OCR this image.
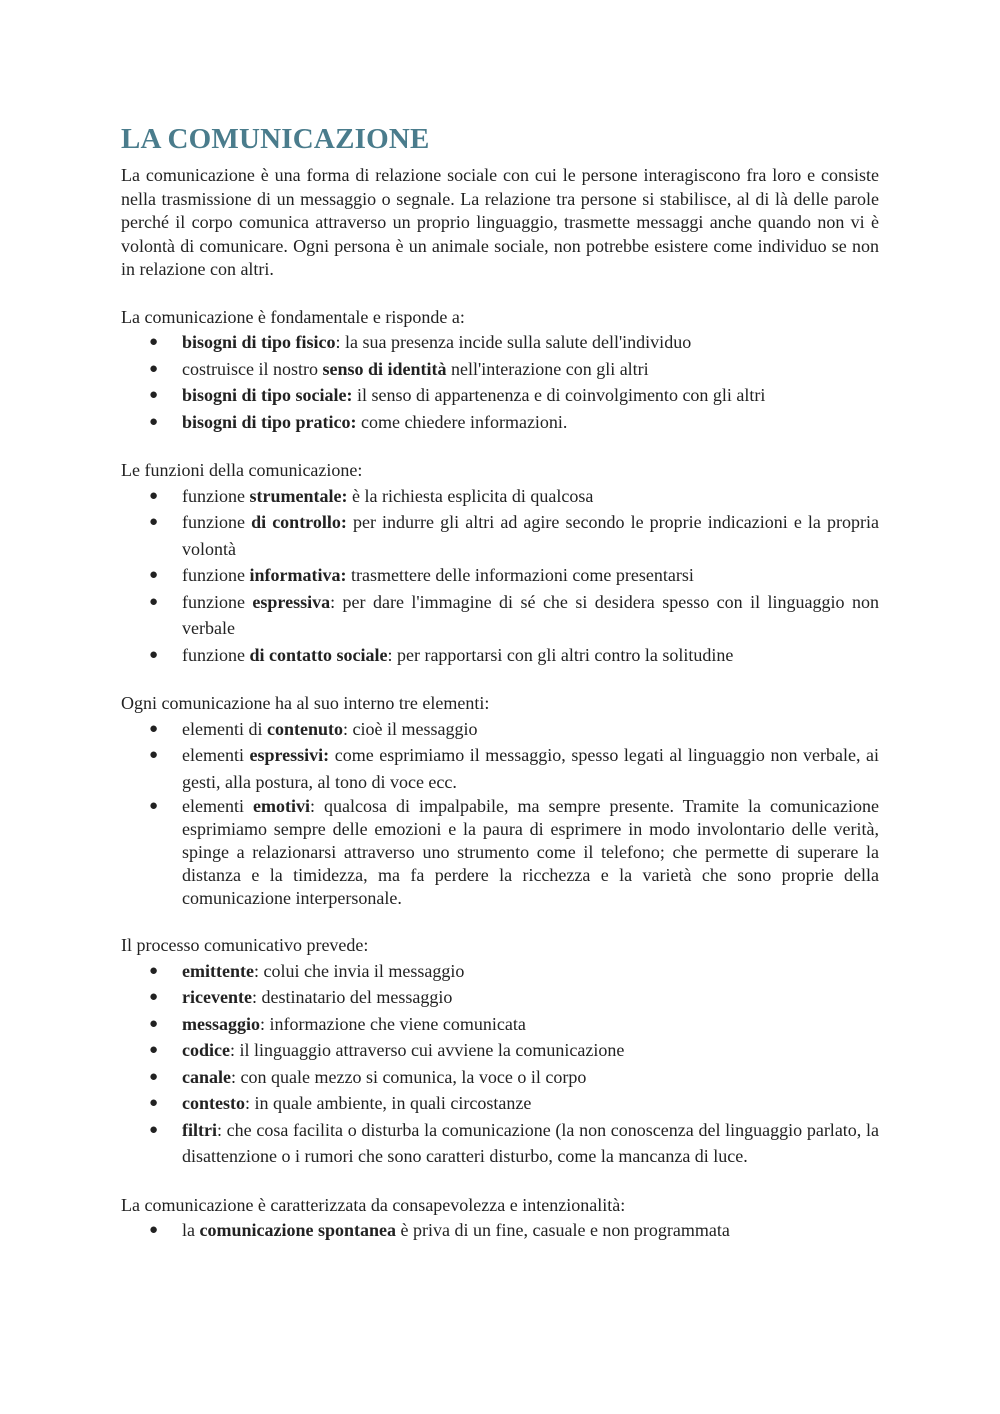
LA COMUNICAZIONE

La comunicazione è una forma di relazione sociale con cui le persone interagiscono fra loro e consiste nella trasmissione di un messaggio o segnale. La relazione tra persone si stabilisce, al di là delle parole perché il corpo comunica attraverso un proprio linguaggio, trasmette messaggi anche quando non vi è volontà di comunicare. Ogni persona è un animale sociale, non potrebbe esistere come individuo se non in relazione con altri.

La comunicazione è fondamentale e risponde a:

● bisogni di tipo fisico: la sua presenza incide sulla salute dell'individuo
● costruisce il nostro senso di identità nell'interazione con gli altri
● bisogni di tipo sociale: il senso di appartenenza e di coinvolgimento con gli altri
● bisogni di tipo pratico: come chiedere informazioni.

Le funzioni della comunicazione:

● funzione strumentale: è la richiesta esplicita di qualcosa
● funzione di controllo: per indurre gli altri ad agire secondo le proprie indicazioni e la propria volontà
● funzione informativa: trasmettere delle informazioni come presentarsi
● funzione espressiva: per dare l'immagine di sé che si desidera spesso con il linguaggio non verbale
● funzione di contatto sociale: per rapportarsi con gli altri contro la solitudine

Ogni comunicazione ha al suo interno tre elementi:

● elementi di contenuto: cioè il messaggio
● elementi espressivi: come esprimiamo il messaggio, spesso legati al linguaggio non verbale, ai gesti, alla postura, al tono di voce ecc.
● elementi emotivi: qualcosa di impalpabile, ma sempre presente. Tramite la comunicazione esprimiamo sempre delle emozioni e la paura di esprimere in modo involontario delle verità, spinge a relazionarsi attraverso uno strumento come il telefono; che permette di superare la distanza e la timidezza, ma fa perdere la ricchezza e la varietà che sono proprie della comunicazione interpersonale.

Il processo comunicativo prevede:

● emittente: colui che invia il messaggio
● ricevente: destinatario del messaggio
● messaggio: informazione che viene comunicata
● codice: il linguaggio attraverso cui avviene la comunicazione
● canale: con quale mezzo si comunica, la voce o il corpo
● contesto: in quale ambiente, in quali circostanze
● filtri: che cosa facilita o disturba la comunicazione (la non conoscenza del linguaggio parlato, la disattenzione o i rumori che sono caratteri disturbo, come la mancanza di luce.

La comunicazione è caratterizzata da consapevolezza e intenzionalità:

● la comunicazione spontanea è priva di un fine, casuale e non programmata
